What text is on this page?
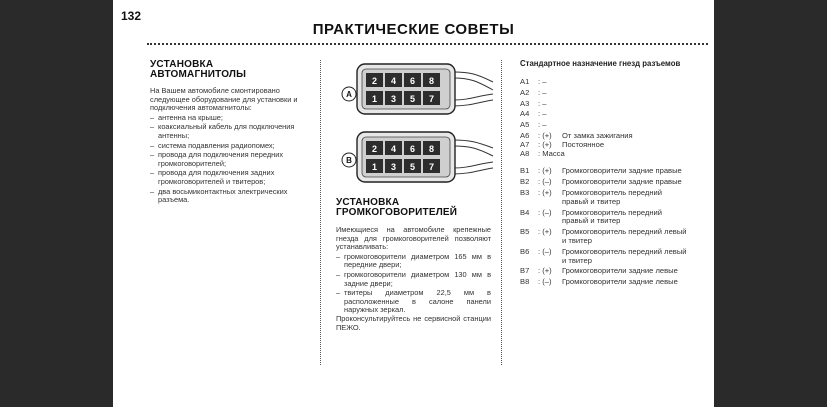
132
ПРАКТИЧЕСКИЕ СОВЕТЫ
УСТАНОВКА
АВТОМАГНИТОЛЫ

На Вашем автомобиле смонтировано следующее оборудование для установки и подключения автомагнитолы:

– антенна на крыше;
– коаксиальный кабель для подключения антенны;
– система подавления радиопомех;
– провода для подключения передних громкоговорителей;
– провода для подключения задних громкоговорителей и твитеров;
– два восьмиконтактных электрических разъема.
2 4 6 8
1 3 5 7
A
2 4 6 8
1 3 5 7
B
УСТАНОВКА
ГРОМКОГОВОРИТЕЛЕЙ

Имеющиеся на автомобиле крепежные гнезда для громкоговорителей позволяют устанавливать:

– громкоговорители диаметром 165 мм в передние двери;
– громкоговорители диаметром 130 мм в задние двери;
– твитеры диаметром 22,5 мм в расположенные в салоне панели наружных зеркал.

Проконсультируйтесь не сервисной станции ПЕЖО.

Стандартное назначение гнезд разъемов
A1	: –
A2	: –
A3	: –
A4	: –
A5	: –
A6	: (+)	От замка зажигания
A7	: (+)	Постоянное
A8	: Масса
B1	: (+)	Громкоговорители задние правые
B2	: (–)	Громкоговорители задние правые
B3	: (+)	Громкоговоритель передний правый и твитер
B4	: (–)	Громкоговоритель передний правый и твитер
B5	: (+)	Громкоговоритель передний левый и твитер
B6	: (–)	Громкоговоритель передний левый и твитер
B7	: (+)	Громкоговорители задние левые
B8	: (–)	Громкоговорители задние левые
